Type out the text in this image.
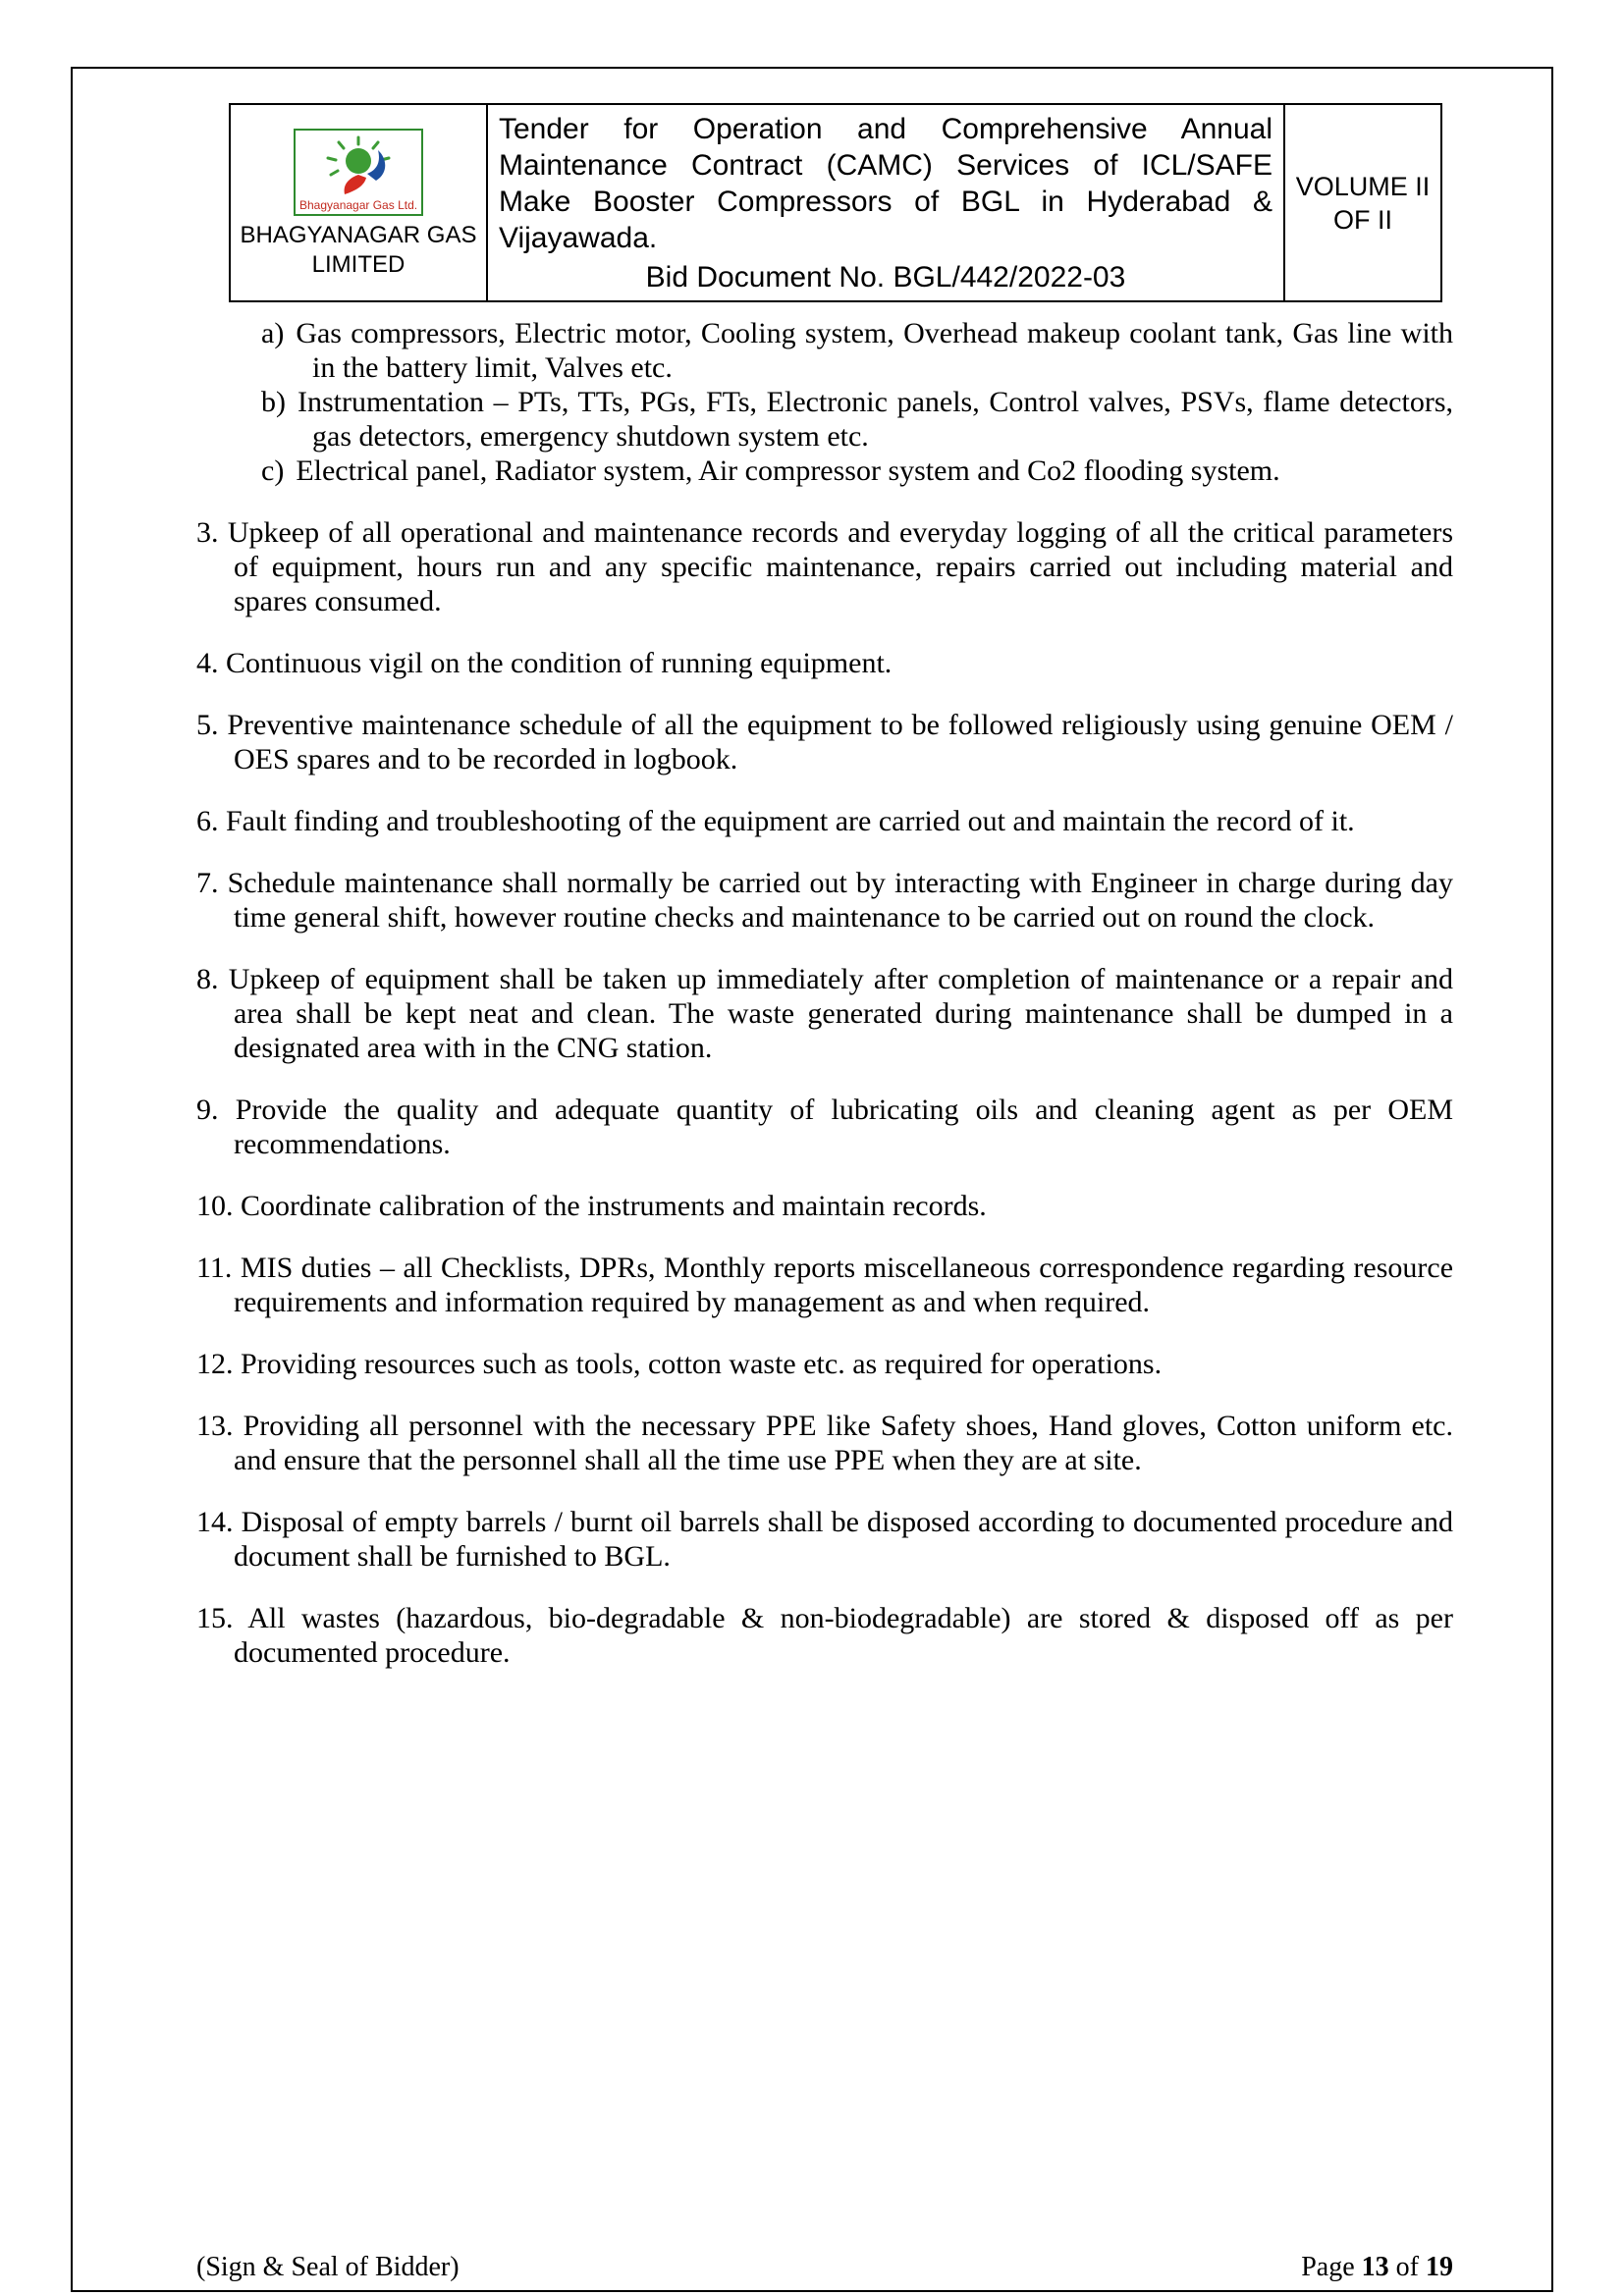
Bhagyanagar Gas Ltd.
BHAGYANAGAR GAS
LIMITED

Tender for Operation and Comprehensive Annual Maintenance Contract (CAMC) Services of ICL/SAFE Make Booster Compressors of BGL in Hyderabad & Vijayawada.
Bid Document No. BGL/442/2022-03

VOLUME II
OF II

a) Gas compressors, Electric motor, Cooling system, Overhead makeup coolant tank, Gas line with in the battery limit, Valves etc.

b) Instrumentation – PTs, TTs, PGs, FTs, Electronic panels, Control valves, PSVs, flame detectors, gas detectors, emergency shutdown system etc.

c) Electrical panel, Radiator system, Air compressor system and Co2 flooding system.

3. Upkeep of all operational and maintenance records and everyday logging of all the critical parameters of equipment, hours run and any specific maintenance, repairs carried out including material and spares consumed.

4. Continuous vigil on the condition of running equipment.

5. Preventive maintenance schedule of all the equipment to be followed religiously using genuine OEM / OES spares and to be recorded in logbook.

6. Fault finding and troubleshooting of the equipment are carried out and maintain the record of it.

7. Schedule maintenance shall normally be carried out by interacting with Engineer in charge during day time general shift, however routine checks and maintenance to be carried out on round the clock.

8. Upkeep of equipment shall be taken up immediately after completion of maintenance or a repair and area shall be kept neat and clean. The waste generated during maintenance shall be dumped in a designated area with in the CNG station.

9. Provide the quality and adequate quantity of lubricating oils and cleaning agent as per OEM recommendations.

10. Coordinate calibration of the instruments and maintain records.

11. MIS duties – all Checklists, DPRs, Monthly reports miscellaneous correspondence regarding resource requirements and information required by management as and when required.

12. Providing resources such as tools, cotton waste etc. as required for operations.

13. Providing all personnel with the necessary PPE like Safety shoes, Hand gloves, Cotton uniform etc. and ensure that the personnel shall all the time use PPE when they are at site.

14. Disposal of empty barrels / burnt oil barrels shall be disposed according to documented procedure and document shall be furnished to BGL.

15. All wastes (hazardous, bio-degradable & non-biodegradable) are stored & disposed off as per documented procedure.

(Sign & Seal of Bidder)	Page 13 of 19
